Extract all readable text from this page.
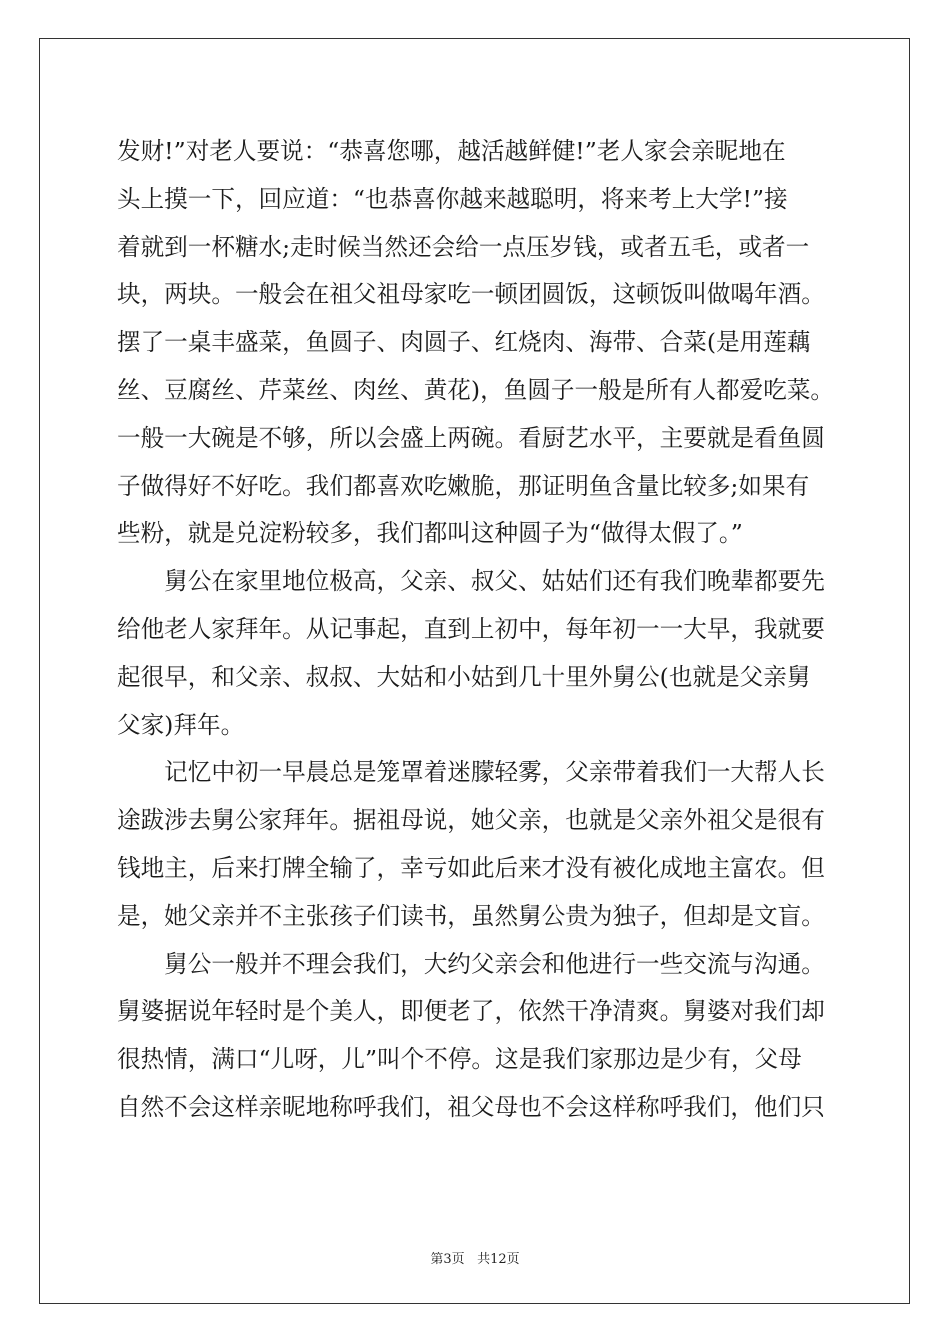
发财!”对老人要说：“恭喜您哪，越活越鲜健!”老人家会亲昵地在
头上摸一下，回应道：“也恭喜你越来越聪明，将来考上大学!”接
着就到一杯糖水;走时候当然还会给一点压岁钱，或者五毛，或者一
块，两块。一般会在祖父祖母家吃一顿团圆饭，这顿饭叫做喝年酒。
摆了一桌丰盛菜，鱼圆子、肉圆子、红烧肉、海带、合菜(是用莲藕
丝、豆腐丝、芹菜丝、肉丝、黄花)，鱼圆子一般是所有人都爱吃菜。
一般一大碗是不够，所以会盛上两碗。看厨艺水平，主要就是看鱼圆
子做得好不好吃。我们都喜欢吃嫩脆，那证明鱼含量比较多;如果有
些粉，就是兑淀粉较多，我们都叫这种圆子为“做得太假了。”
　　舅公在家里地位极高，父亲、叔父、姑姑们还有我们晚辈都要先
给他老人家拜年。从记事起，直到上初中，每年初一一大早，我就要
起很早，和父亲、叔叔、大姑和小姑到几十里外舅公(也就是父亲舅
父家)拜年。
　　记忆中初一早晨总是笼罩着迷朦轻雾，父亲带着我们一大帮人长
途跋涉去舅公家拜年。据祖母说，她父亲，也就是父亲外祖父是很有
钱地主，后来打牌全输了，幸亏如此后来才没有被化成地主富农。但
是，她父亲并不主张孩子们读书，虽然舅公贵为独子，但却是文盲。
　　舅公一般并不理会我们，大约父亲会和他进行一些交流与沟通。
舅婆据说年轻时是个美人，即便老了，依然干净清爽。舅婆对我们却
很热情，满口“儿呀，儿”叫个不停。这是我们家那边是少有，父母
自然不会这样亲昵地称呼我们，祖父母也不会这样称呼我们，他们只
第3页 共12页
